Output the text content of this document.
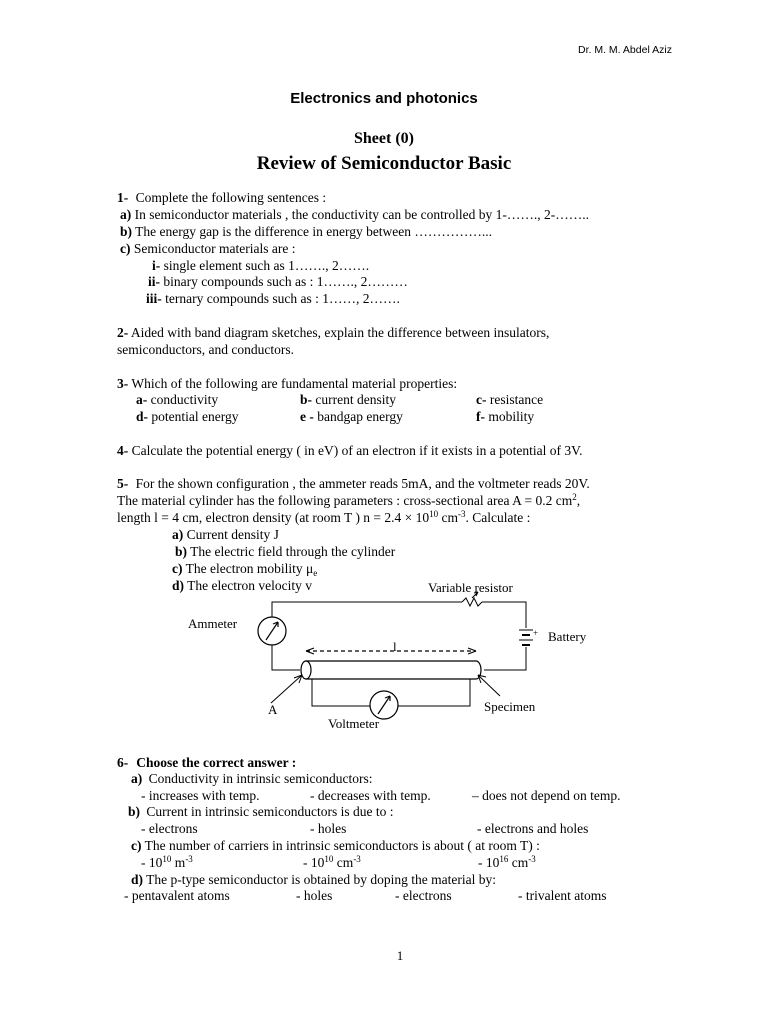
Dr. M. M. Abdel Aziz
Electronics and photonics
Sheet (0)
Review of Semiconductor Basic
1- Complete the following sentences :
a) In semiconductor materials , the conductivity can be controlled by 1-……., 2-……..
b) The energy gap is the difference in energy between ……………...
c) Semiconductor materials are :
i- single element such as 1……., 2…….
ii- binary compounds such as : 1……., 2………
iii- ternary compounds such as : 1……, 2…….
2- Aided with band diagram sketches, explain the difference between insulators,
semiconductors, and conductors.
3- Which of the following are fundamental material properties:
a- conductivity	b- current density	c- resistance
d- potential energy	e - bandgap energy	f- mobility
4- Calculate the potential energy ( in eV) of an electron if it exists in a potential of 3V.
5- For the shown configuration , the ammeter reads 5mA, and the voltmeter reads 20V.
The material cylinder has the following parameters : cross-sectional area A = 0.2 $cm^2$,
length l = 4 cm, electron density (at room T ) $n = 2.4 \times 10^{10}$ $cm^{-3}$. Calculate :
a) Current density J
b) The electric field through the cylinder
c) The electron mobility $\mu_e$
d) The electron velocity v	Variable resistor
Ammeter
Battery
+
l
A	Specimen
Voltmeter
6- Choose the correct answer :
a) Conductivity in intrinsic semiconductors:
- increases with temp.	- decreases with temp.	– does not depend on temp.
b) Current in intrinsic semiconductors is due to :
- electrons	- holes	- electrons and holes
c) The number of carriers in intrinsic semiconductors is about ( at room T) :
- $10^{10}$ $m^{-3}$	- $10^{10}$ $cm^{-3}$	- $10^{16}$ $cm^{-3}$
d) The p-type semiconductor is obtained by doping the material by:
- pentavalent atoms	- holes	- electrons	- trivalent atoms
1
